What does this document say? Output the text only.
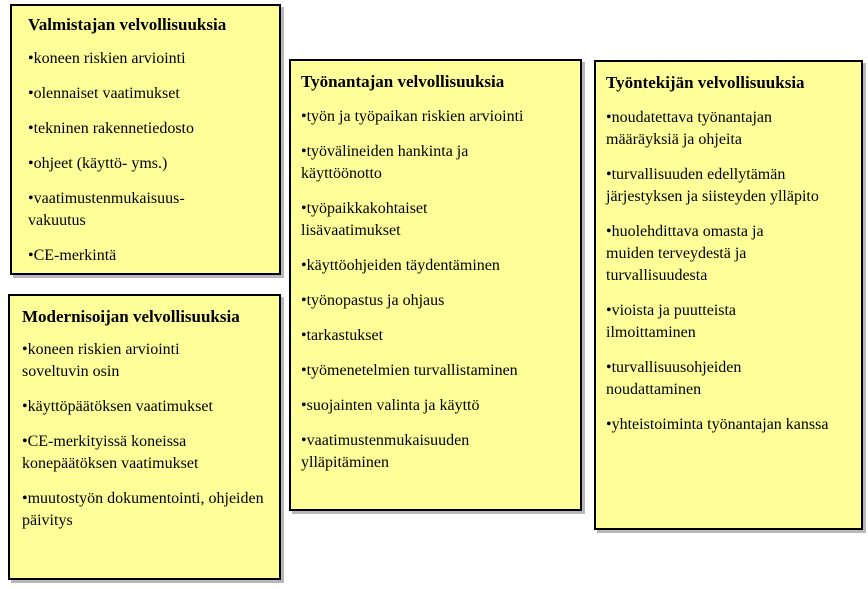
Valmistajan velvollisuuksia
• koneen riskien arviointi
• olennaiset vaatimukset
• tekninen rakennetiedosto
• ohjeet (käyttö- yms.)
• vaatimustenmukaisuus-vakuutus
• CE-merkintä
Modernisoijan velvollisuuksia
• koneen riskien arviointi soveltuvin osin
• käyttöpäätöksen vaatimukset
• CE-merkityissä koneissa konepäätöksen vaatimukset
• muutostyön dokumentointi, ohjeiden päivitys
Työnantajan velvollisuuksia
• työn ja työpaikan riskien arviointi
• työvälineiden hankinta ja käyttöönotto
• työpaikkakohtaiset lisävaatimukset
• käyttöohjeiden täydentäminen
• työnopastus ja ohjaus
• tarkastukset
• työmenetelmien turvallistaminen
• suojainten valinta ja käyttö
• vaatimustenmukaisuuden ylläpitäminen
Työntekijän velvollisuuksia
• noudatettava työnantajan määräyksiä ja ohjeita
• turvallisuuden edellytämän järjestyksen ja siisteyden ylläpito
• huolehdittava omasta ja muiden terveydestä ja turvallisuudesta
• vioista ja puutteista ilmoittaminen
• turvallisuusohjeiden noudattaminen
• yhteistoiminta työnantajan kanssa
